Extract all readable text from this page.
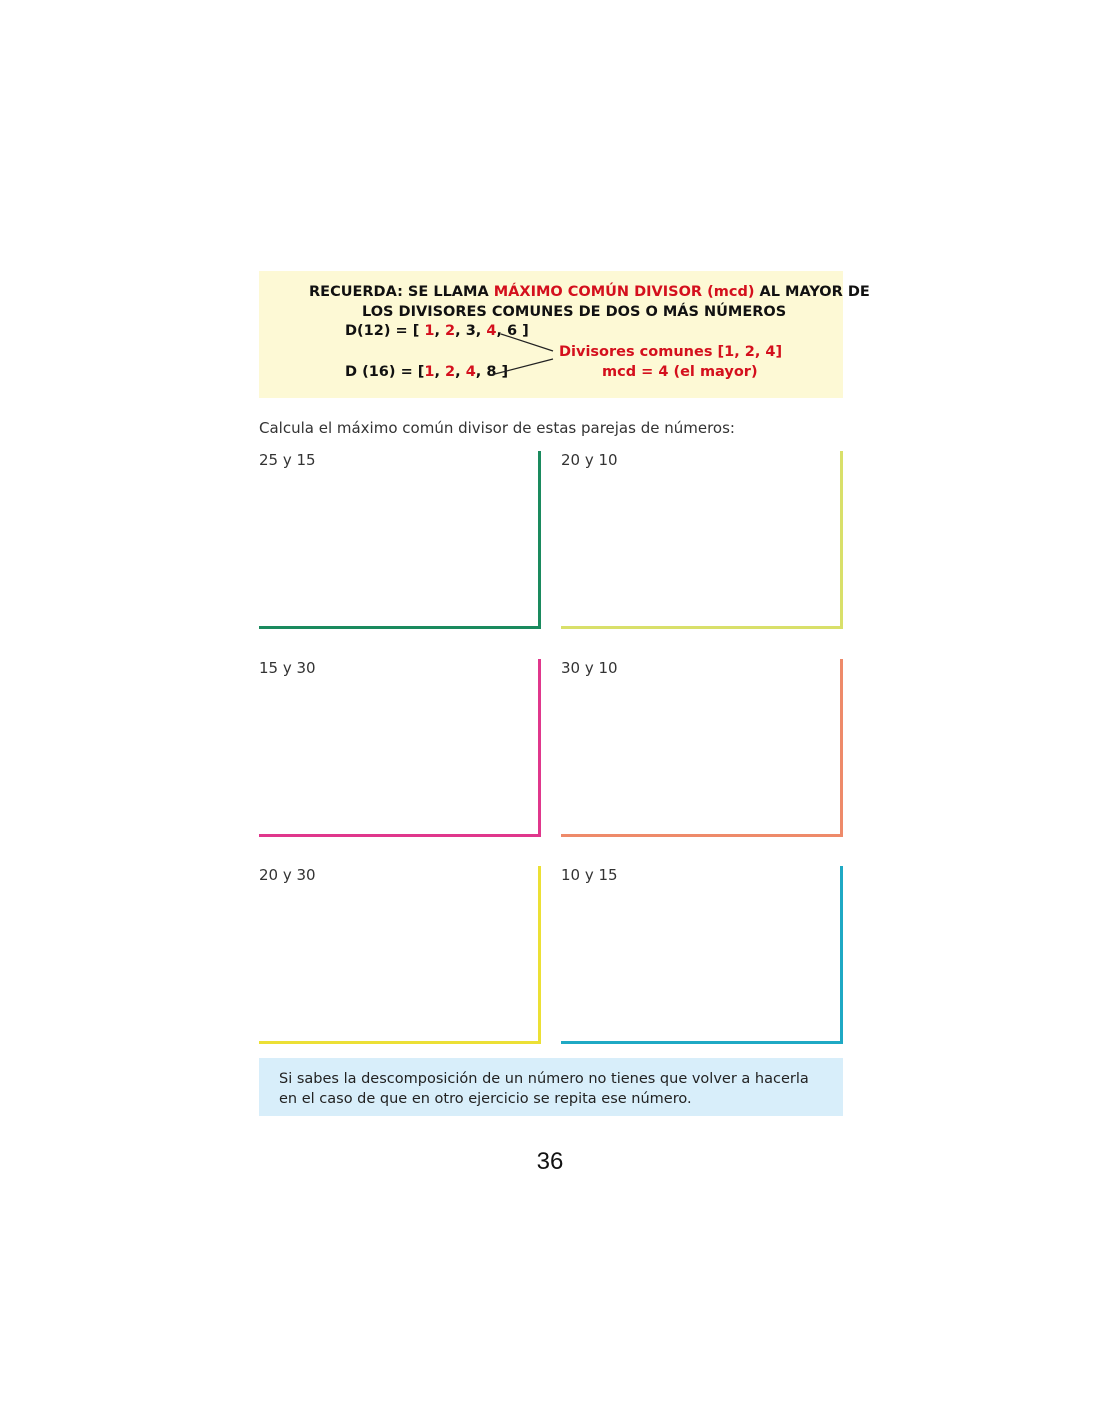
RECUERDA: SE LLAMA MÁXIMO COMÚN DIVISOR (mcd) AL MAYOR DE
LOS DIVISORES COMUNES DE DOS O MÁS NÚMEROS
D(12) = [ 1, 2, 3, 4, 6 ]
D (16) = [1, 2, 4, 8 ]
Divisores comunes [1, 2, 4]
mcd = 4 (el mayor)
Calcula el máximo común divisor de estas parejas de números:
25 y 15	20 y 10
15 y 30	30 y 10
20 y 30	10 y 15

Si sabes la descomposición de un número no tienes que volver a hacerla en el caso de que en otro ejercicio se repita ese número.

36
